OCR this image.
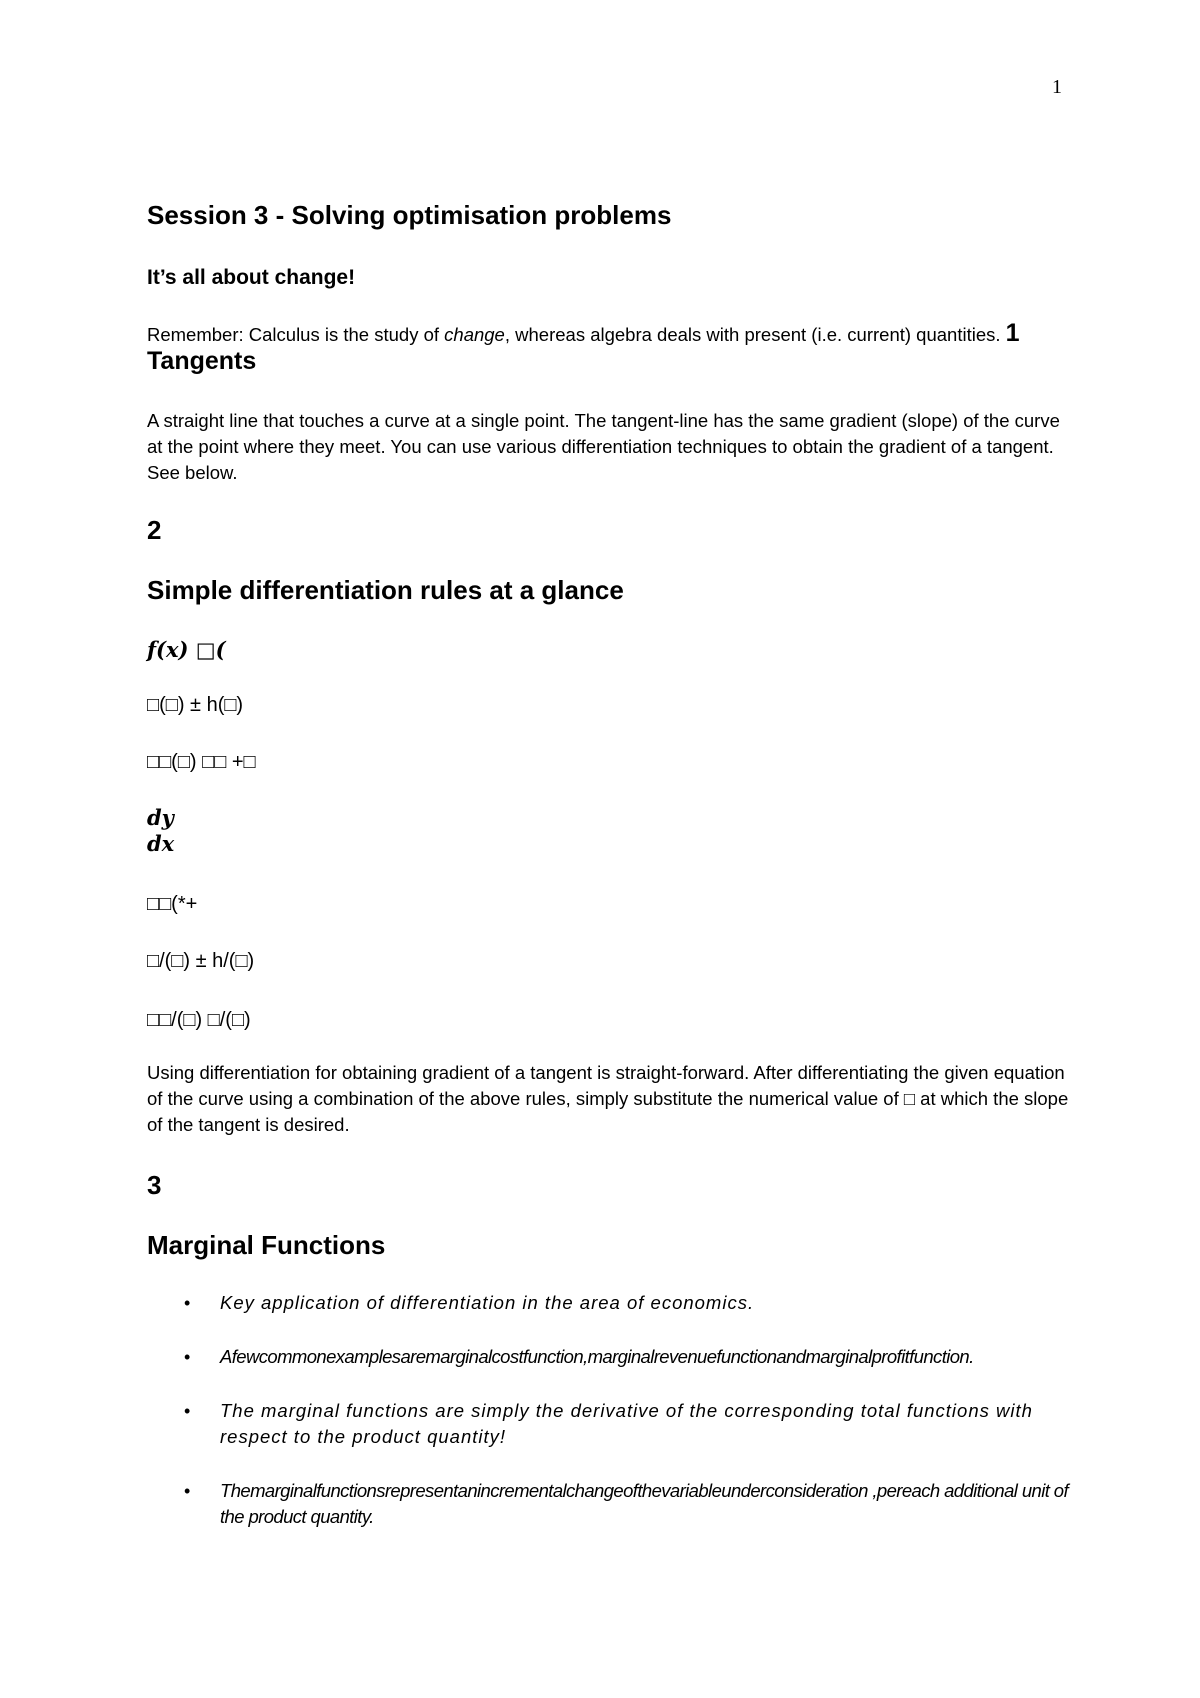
1
Session 3 - Solving optimisation problems
It’s all about change!
Remember: Calculus is the study of change, whereas algebra deals with present (i.e. current) quantities. 1 Tangents
A straight line that touches a curve at a single point. The tangent-line has the same gradient (slope) of the curve at the point where they meet. You can use various differentiation techniques to obtain the gradient of a tangent. See below.
2
Simple differentiation rules at a glance
𝒇(𝒙) □(
□(□) ± h(□)
□□(□) □□ +□
𝒅𝒚
𝒅𝒙
□□(*+
□/(□) ± h/(□)
□□/(□) □/(□)
Using differentiation for obtaining gradient of a tangent is straight-forward. After differentiating the given equation of the curve using a combination of the above rules, simply substitute the numerical value of □ at which the slope of the tangent is desired.
3
Marginal Functions
• Key application of differentiation in the area of economics.
• Afewcommonexamplesaremarginalcostfunction,marginalrevenuefunctionandmarginalprofitfunction.
• The marginal functions are simply the derivative of the corresponding total functions with respect to the product quantity!
• Themarginalfunctionsrepresentanincrementalchangeofthevariableunderconsideration ,pereach additional unit of the product quantity.
